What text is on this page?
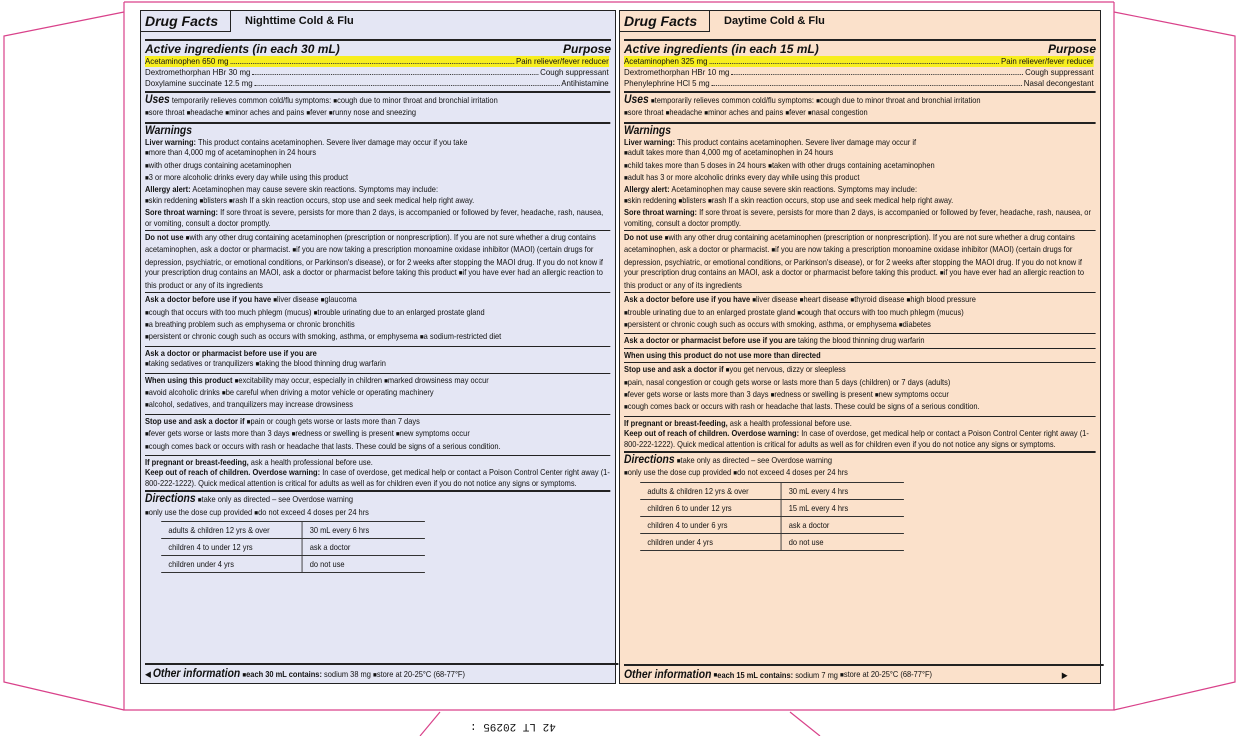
Drug Facts	Nighttime Cold & Flu
Active ingredients (in each 30 mL)	Purpose
Acetaminophen 650 mg	Pain reliever/fever reducer
Dextromethorphan HBr 30 mg	Cough suppressant
Doxylamine succinate 12.5 mg	Antihistamine
Uses temporarily relieves common cold/flu symptoms: ■ cough due to minor throat and bronchial irritation
■ sore throat ■ headache ■ minor aches and pains ■ fever ■ runny nose and sneezing
Warnings
Liver warning: This product contains acetaminophen. Severe liver damage may occur if you take
■ more than 4,000 mg of acetaminophen in 24 hours
■ with other drugs containing acetaminophen
■ 3 or more alcoholic drinks every day while using this product
Allergy alert: Acetaminophen may cause severe skin reactions. Symptoms may include:
■ skin reddening ■ blisters ■ rash If a skin reaction occurs, stop use and seek medical help right away.
Sore throat warning: If sore throat is severe, persists for more than 2 days, is accompanied or followed by fever, headache, rash, nausea, or vomiting, consult a doctor promptly.
Do not use ■ with any other drug containing acetaminophen (prescription or nonprescription). If you are not sure whether a drug contains acetaminophen, ask a doctor or pharmacist. ■ if you are now taking a prescription monoamine oxidase inhibitor (MAOI) (certain drugs for depression, psychiatric, or emotional conditions, or Parkinson's disease), or for 2 weeks after stopping the MAOI drug. If you do not know if your prescription drug contains an MAOI, ask a doctor or pharmacist before taking this product ■ if you have ever had an allergic reaction to this product or any of its ingredients
Ask a doctor before use if you have ■ liver disease ■ glaucoma
■ cough that occurs with too much phlegm (mucus) ■ trouble urinating due to an enlarged prostate gland
■ a breathing problem such as emphysema or chronic bronchitis
■ persistent or chronic cough such as occurs with smoking, asthma, or emphysema ■ a sodium-restricted diet
Ask a doctor or pharmacist before use if you are
■ taking sedatives or tranquilizers ■ taking the blood thinning drug warfarin
When using this product ■ excitability may occur, especially in children ■ marked drowsiness may occur
■ avoid alcoholic drinks ■ be careful when driving a motor vehicle or operating machinery
■ alcohol, sedatives, and tranquilizers may increase drowsiness
Stop use and ask a doctor if ■ pain or cough gets worse or lasts more than 7 days
■ fever gets worse or lasts more than 3 days ■ redness or swelling is present ■ new symptoms occur
■ cough comes back or occurs with rash or headache that lasts. These could be signs of a serious condition.
If pregnant or breast-feeding, ask a health professional before use.
Keep out of reach of children. Overdose warning: In case of overdose, get medical help or contact a Poison Control Center right away (1-800-222-1222). Quick medical attention is critical for adults as well as for children even if you do not notice any signs or symptoms.
Directions ■ take only as directed – see Overdose warning
■ only use the dose cup provided ■ do not exceed 4 doses per 24 hrs
adults & children 12 yrs & over	30 mL every 6 hrs
children 4 to under 12 yrs	ask a doctor
children under 4 yrs	do not use
◀ Other information ■ each 30 mL contains: sodium 38 mg ■ store at 20-25°C (68-77°F)
Drug Facts	Daytime Cold & Flu
Active ingredients (in each 15 mL)	Purpose
Acetaminophen 325 mg	Pain reliever/fever reducer
Dextromethorphan HBr 10 mg	Cough suppressant
Phenylephrine HCl 5 mg	Nasal decongestant
Uses ■ temporarily relieves common cold/flu symptoms: ■ cough due to minor throat and bronchial irritation
■ sore throat ■ headache ■ minor aches and pains ■ fever ■ nasal congestion
Warnings
Liver warning: This product contains acetaminophen. Severe liver damage may occur if
■ adult takes more than 4,000 mg of acetaminophen in 24 hours
■ child takes more than 5 doses in 24 hours ■ taken with other drugs containing acetaminophen
■ adult has 3 or more alcoholic drinks every day while using this product
Allergy alert: Acetaminophen may cause severe skin reactions. Symptoms may include:
■ skin reddening ■ blisters ■ rash If a skin reaction occurs, stop use and seek medical help right away.
Sore throat warning: If sore throat is severe, persists for more than 2 days, is accompanied or followed by fever, headache, rash, nausea, or vomiting, consult a doctor promptly.
Do not use ■ with any other drug containing acetaminophen (prescription or nonprescription). If you are not sure whether a drug contains acetaminophen, ask a doctor or pharmacist. ■ if you are now taking a prescription monoamine oxidase inhibitor (MAOI) (certain drugs for depression, psychiatric, or emotional conditions, or Parkinson's disease), or for 2 weeks after stopping the MAOI drug. If you do not know if your prescription drug contains an MAOI, ask a doctor or pharmacist before taking this product. ■ if you have ever had an allergic reaction to this product or any of its ingredients
Ask a doctor before use if you have ■ liver disease ■ heart disease ■ thyroid disease ■ high blood pressure
■ trouble urinating due to an enlarged prostate gland ■ cough that occurs with too much phlegm (mucus)
■ persistent or chronic cough such as occurs with smoking, asthma, or emphysema ■ diabetes
Ask a doctor or pharmacist before use if you are taking the blood thinning drug warfarin
When using this product do not use more than directed
Stop use and ask a doctor if ■ you get nervous, dizzy or sleepless
■ pain, nasal congestion or cough gets worse or lasts more than 5 days (children) or 7 days (adults)
■ fever gets worse or lasts more than 3 days ■ redness or swelling is present ■ new symptoms occur
■ cough comes back or occurs with rash or headache that lasts. These could be signs of a serious condition.
If pregnant or breast-feeding, ask a health professional before use.
Keep out of reach of children. Overdose warning: In case of overdose, get medical help or contact a Poison Control Center right away (1-800-222-1222). Quick medical attention is critical for adults as well as for children even if you do not notice any signs or symptoms.
Directions ■ take only as directed – see Overdose warning
■ only use the dose cup provided ■ do not exceed 4 doses per 24 hrs
adults & children 12 yrs & over	30 mL every 4 hrs
children 6 to under 12 yrs	15 mL every 4 hrs
children 4 to under 6 yrs	ask a doctor
children under 4 yrs	do not use
Other information
■ each 15 mL contains:
sodium 7 mg
■ store at 20-25°C (68-77°F)	▶
42 LT 20295 :
